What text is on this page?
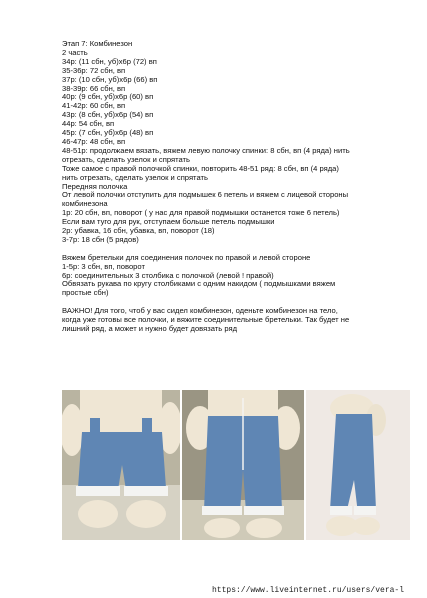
Этап 7: Комбинезон
2 часть
34р: (11 сбн, уб)х6р (72) вп
35-36р: 72 сбн, вп
37р: (10 сбн, уб)х6р (66) вп
38-39р: 66 сбн, вп
40р: (9 сбн, уб)х6р (60) вп
41-42р: 60 сбн, вп
43р: (8 сбн, уб)х6р (54) вп
44р: 54 сбн, вп
45р: (7 сбн, уб)х6р (48) вп
46-47р: 48 сбн, вп
48-51р: продолжаем вязать, вяжем левую полочку спинки: 8 сбн, вп (4 ряда) нить
отрезать, сделать узелок и спрятать
Тоже самое с правой полочкой спинки, повторить 48-51 ряд: 8 сбн, вп (4 ряда)
нить отрезать, сделать узелок и спрятать
Передняя полочка
От левой полочки отступить для подмышек 6 петель и вяжем с лицевой стороны
комбинезона
1р: 20 сбн, вп, поворот ( у нас для правой подмышки останется тоже 6 петель)
Если вам туго для рук, отступаем больше петель подмышки
2р: убавка, 16 сбн, убавка, вп, поворот (18)
3-7р: 18 сбн (5 рядов)
Вяжем бретельки для соединения полочек по правой и левой стороне
1-5р: 3 сбн, вп, поворот
6р: соединительных 3 столбика с полочкой (левой ! правой)
Обвязать рукава по кругу столбиками с одним накидом ( подмышками вяжем
простые сбн)
ВАЖНО! Для того, чтоб у вас сидел комбинезон, оденьте комбинезон на тело,
когда уже готовы все полочки, и вяжите соединительные бретельки. Так будет не
лишний ряд, а может и нужно будет довязать ряд
https://www.liveinternet.ru/users/vera-l
